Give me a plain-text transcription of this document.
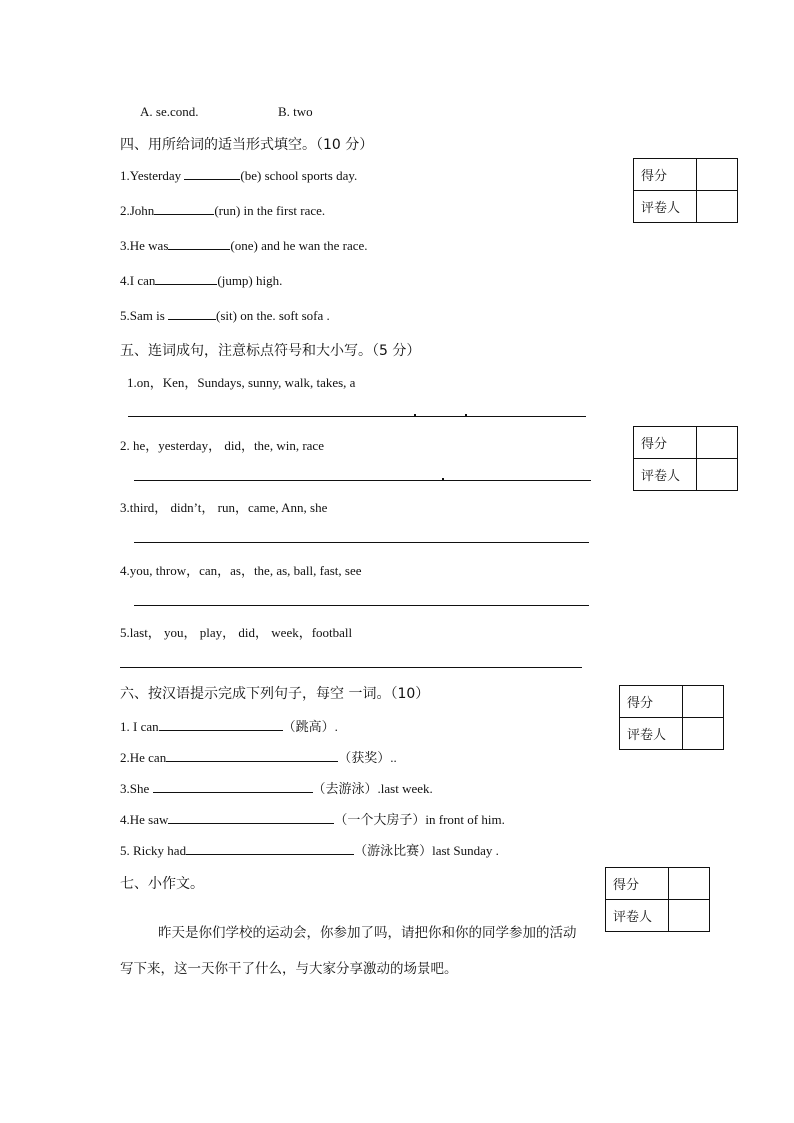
A. se.cond.	B. two
四、用所给词的适当形式填空。（10 分）
得分	
评卷人	
1.Yesterday	(be) school sports day.
2.John	(run) in the first race.
3.He was	(one) and he wan the race.
4.I can	(jump) high.
5.Sam is	(sit) on the. soft sofa .
五、连词成句，注意标点符号和大小写。（5 分）
1.on，Ken，Sundays, sunny, walk, takes, a
得分	
评卷人	
2. he，yesterday， did，the, win, race
3.third， didn’t， run，came, Ann, she
4.you, throw，can，as，the, as, ball, fast, see
5.last， you， play， did， week，football
六、按汉语提示完成下列句子，每空 一词。（10）
得分	
评卷人	
1. I can	（跳高）.
2.He can	（获奖）..
3.She	（去游泳）.last week.
4.He saw	（一个大房子）in front of him.
5. Ricky had	（游泳比赛）last Sunday .
七、小作文。	得分	
评卷人	
昨天是你们学校的运动会，你参加了吗，请把你和你的同学参加的活动
写下来，这一天你干了什么，与大家分享激动的场景吧。
